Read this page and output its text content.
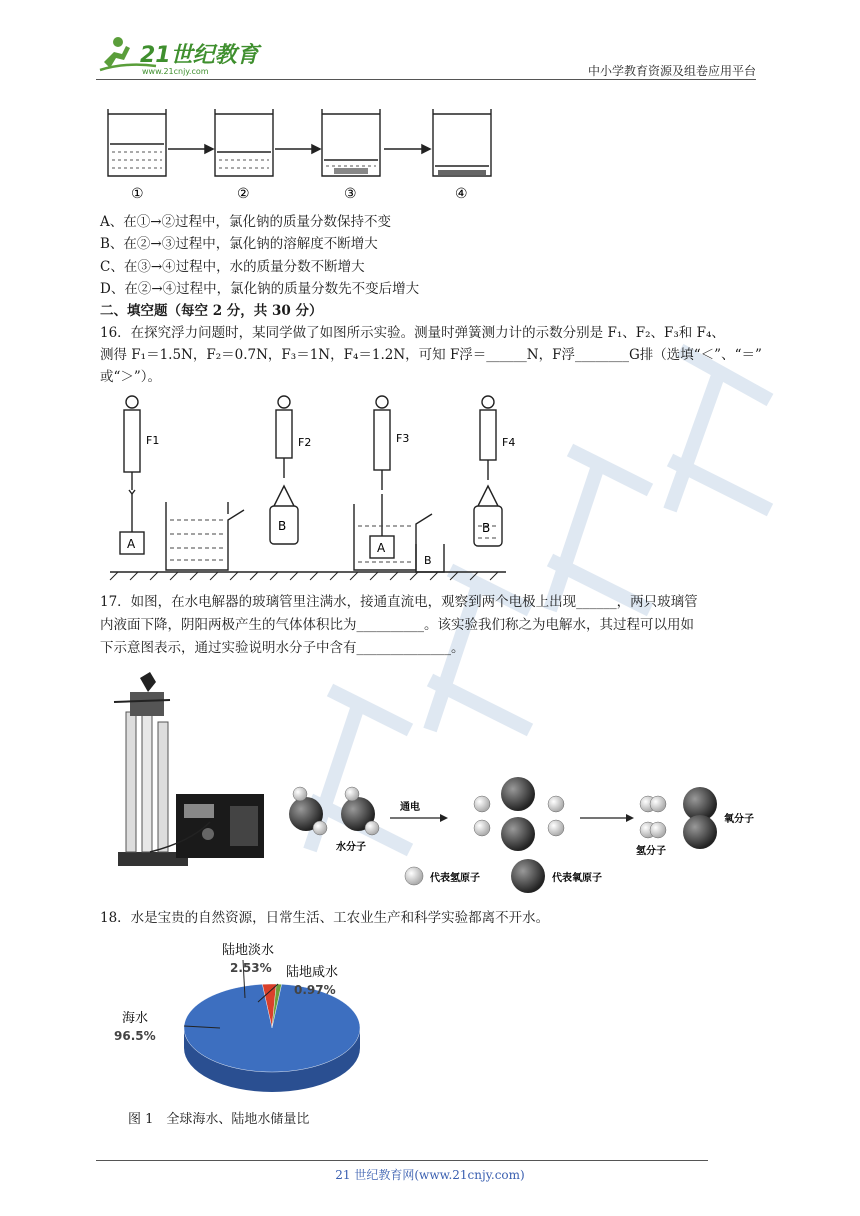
21世纪教育
www.21cnjy.com	中小学教育资源及组卷应用平台
①	②	③	④
A、在①→②过程中，氯化钠的质量分数保持不变
B、在②→③过程中，氯化钠的溶解度不断增大
C、在③→④过程中，水的质量分数不断增大
D、在②→④过程中，氯化钠的质量分数先不变后增大
二、填空题（每空 2 分，共 30 分）
16．在探究浮力问题时，某同学做了如图所示实验。测量时弹簧测力计的示数分别是 F₁、F₂、F₃和 F₄、
测得 F₁＝1.5N，F₂＝0.7N，F₃＝1N，F₄＝1.2N，可知 F浮＝______N，F浮________G排（选填“＜”、“＝”
或“＞”）。
F1	F2	F3	F4
A
B
A
B
B
17．如图，在水电解器的玻璃管里注满水，接通直流电，观察到两个电极上出现______，两只玻璃管
内液面下降，阴阳两极产生的气体体积比为__________。该实验我们称之为电解水，其过程可以用如
下示意图表示，通过实验说明水分子中含有______________。
水分子
通电
氢分子
氧分子
代表氢原子	代表氧原子
18．水是宝贵的自然资源，日常生活、工农业生产和科学实验都离不开水。
陆地淡水
2.53% 陆地咸水
0.97%
海水
96.5%
图 1　全球海水、陆地水储量比
21 世纪教育网(www.21cnjy.com)
